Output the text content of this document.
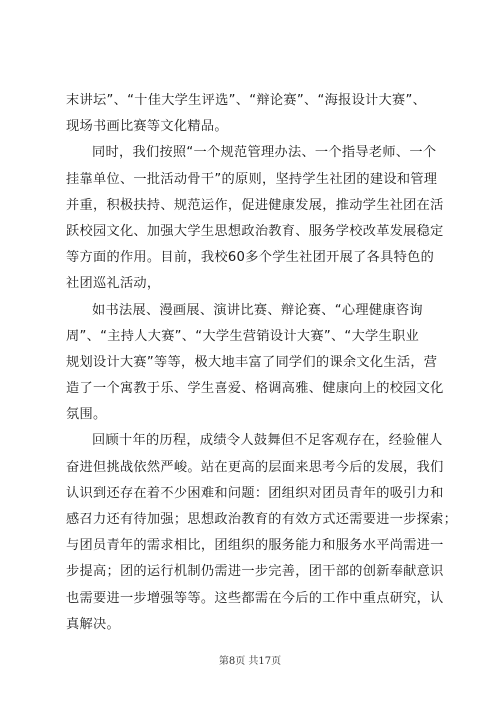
末讲坛”、“十佳大学生评选”、“辩论赛”、“海报设计大赛”、
现场书画比赛等文化精品。
同时，我们按照“一个规范管理办法、一个指导老师、一个
挂靠单位、一批活动骨干”的原则，坚持学生社团的建设和管理
并重，积极扶持、规范运作，促进健康发展，推动学生社团在活
跃校园文化、加强大学生思想政治教育、服务学校改革发展稳定
等方面的作用。目前，我校60多个学生社团开展了各具特色的
社团巡礼活动，
如书法展、漫画展、演讲比赛、辩论赛、“心理健康咨询
周”、“主持人大赛”、“大学生营销设计大赛”、“大学生职业
规划设计大赛”等等，极大地丰富了同学们的课余文化生活，营
造了一个寓教于乐、学生喜爱、格调高雅、健康向上的校园文化
氛围。
回顾十年的历程，成绩令人鼓舞但不足客观存在，经验催人
奋进但挑战依然严峻。站在更高的层面来思考今后的发展，我们
认识到还存在着不少困难和问题：团组织对团员青年的吸引力和
感召力还有待加强；思想政治教育的有效方式还需要进一步探索；
与团员青年的需求相比，团组织的服务能力和服务水平尚需进一
步提高；团的运行机制仍需进一步完善，团干部的创新奉献意识
也需要进一步增强等等。这些都需在今后的工作中重点研究，认
真解决。
第8页 共17页
